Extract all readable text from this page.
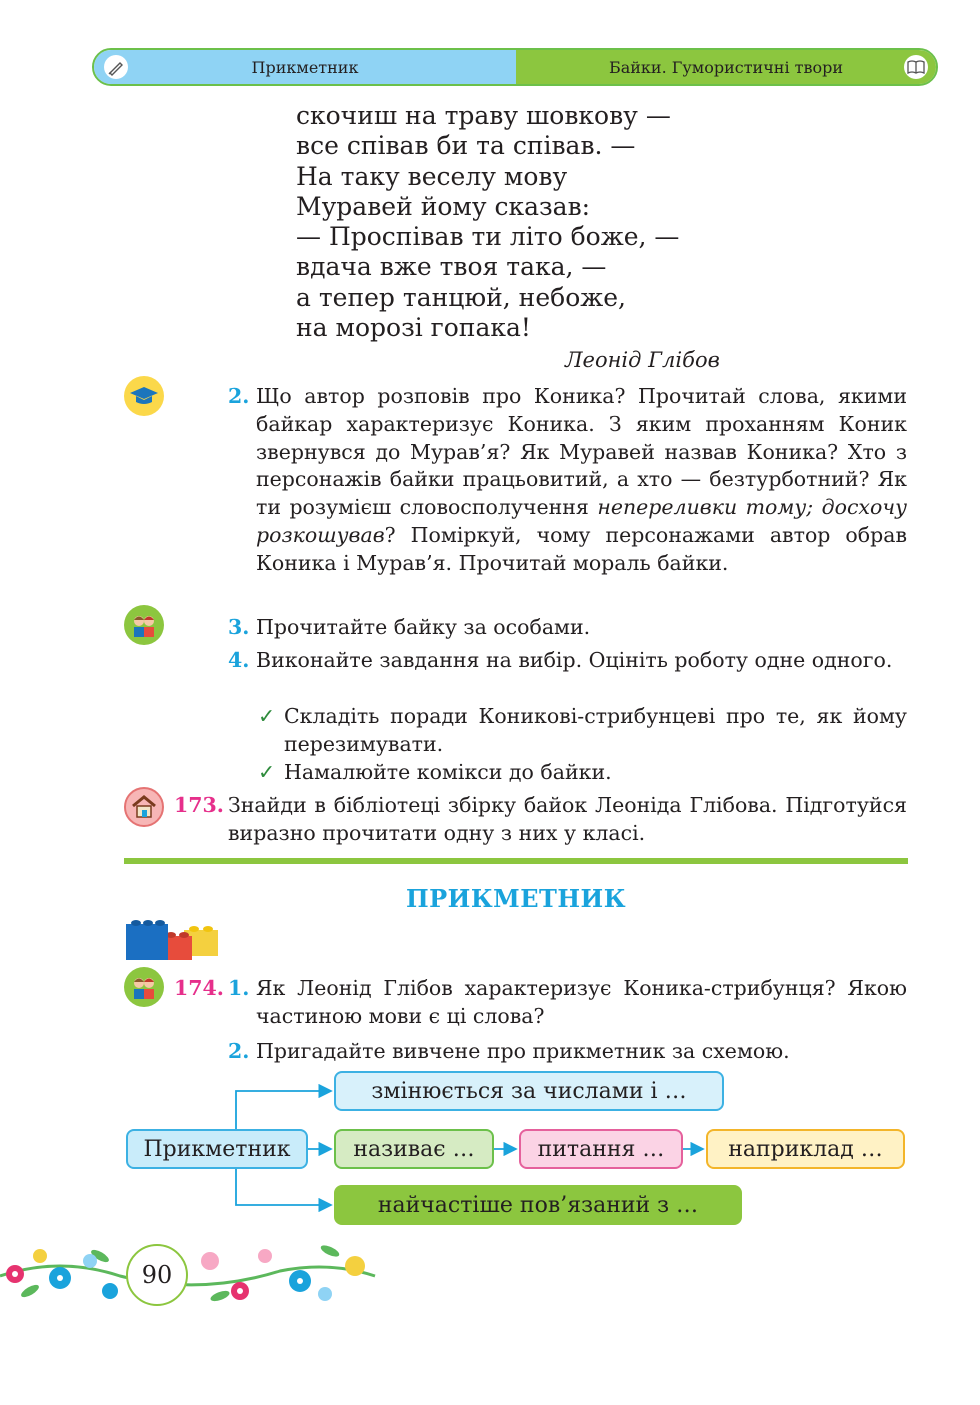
Прикметник	Байки. Гумористичні твори
скочиш на траву шовкову —
все співав би та співав. —
На таку веселу мову
Муравей йому сказав:
— Проспівав ти літо боже, —
вдача вже твоя така, —
а тепер танцюй, небоже,
на морозі гопака!
Леонід Глібов
2. Що автор розповів про Коника? Прочитай слова, якими байкар характеризує Коника. З яким проханням Коник звернувся до Мурав’я? Як Муравей назвав Коника? Хто з персонажів байки працьовитий, а хто — безтурботний? Як ти розумієш словосполучення непереливки тому; досхочу розкошував? Поміркуй, чому персонажами автор обрав Коника і Мурав’я. Прочитай мораль байки.
3. Прочитайте байку за особами.
4. Виконайте завдання на вибір. Оцініть роботу одне одного.
✓ Складіть поради Коникові-стрибунцеві про те, як йому перезимувати.
✓ Намалюйте комікси до байки.
173. Знайди в бібліотеці збірку байок Леоніда Глібова. Підготуйся виразно прочитати одну з них у класі.
ПРИКМЕТНИК
174. 1. Як Леонід Глібов характеризує Коника-стрибунця? Якою частиною мови є ці слова?
2. Пригадайте вивчене про прикметник за схемою.
Прикметник
змінюється за числами і …
називає …	питання …	наприклад …
найчастіше пов’язаний з …
90
